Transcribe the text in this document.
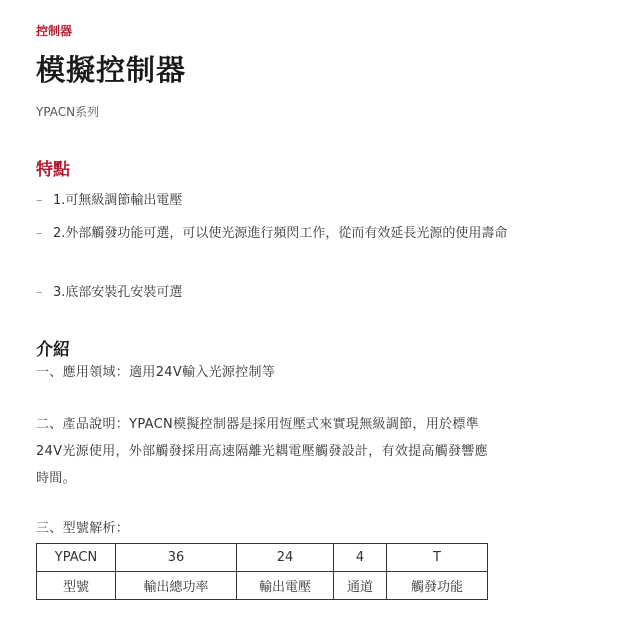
控制器
模擬控制器
YPACN系列
特點
– 1.可無級調節輸出電壓
– 2.外部觸發功能可選，可以使光源進行頻閃工作，從而有效延長光源的使用壽命
– 3.底部安裝孔安裝可選
介紹
一、應用領域：適用24V輸入光源控制等
二、產品說明：YPACN模擬控制器是採用恆壓式來實現無級調節，用於標準
24V光源使用，外部觸發採用高速隔離光耦電壓觸發設計，有效提高觸發響應
時間。
三、型號解析：
YPACN	36	24	4	T
型號	輸出總功率	輸出電壓	通道	觸發功能
